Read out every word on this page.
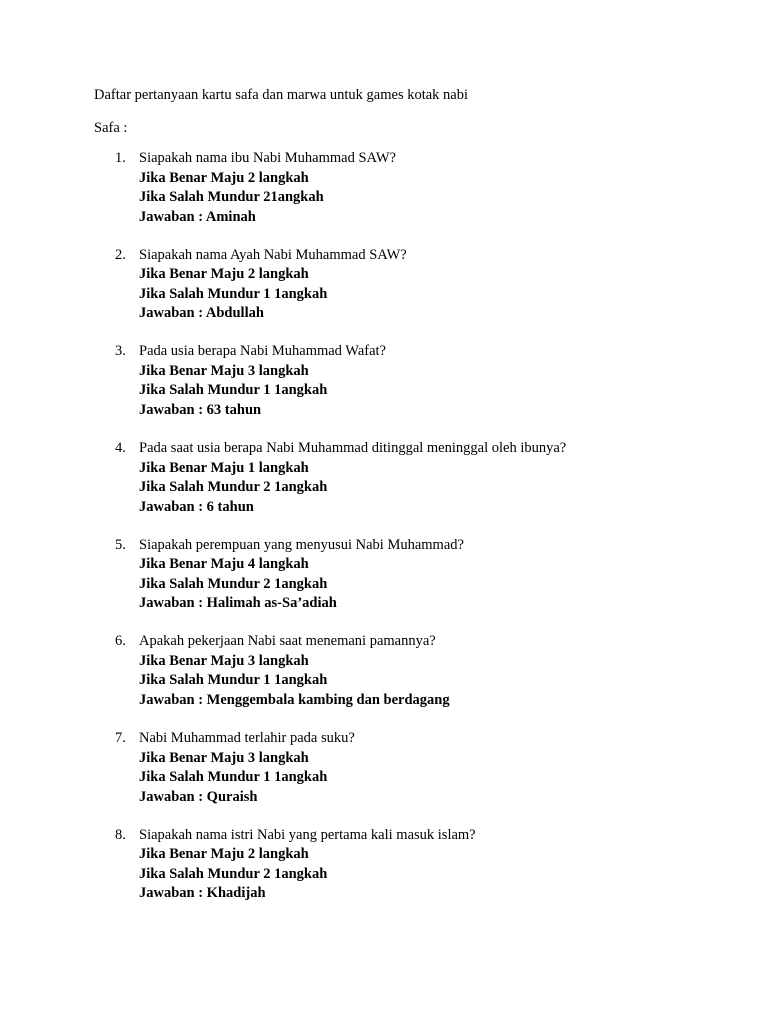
Daftar pertanyaan kartu safa dan marwa untuk games kotak nabi
Safa :
1. Siapakah nama ibu Nabi Muhammad SAW?
Jika Benar Maju 2 langkah
Jika Salah Mundur 21angkah
Jawaban : Aminah
2. Siapakah nama Ayah Nabi Muhammad SAW?
Jika Benar Maju 2 langkah
Jika Salah Mundur 1 1angkah
Jawaban : Abdullah
3. Pada usia berapa Nabi Muhammad Wafat?
Jika Benar Maju 3 langkah
Jika Salah Mundur 1 1angkah
Jawaban : 63 tahun
4. Pada saat usia berapa Nabi Muhammad ditinggal meninggal oleh ibunya?
Jika Benar Maju 1 langkah
Jika Salah Mundur 2 1angkah
Jawaban : 6 tahun
5. Siapakah perempuan yang menyusui Nabi Muhammad?
Jika Benar Maju 4 langkah
Jika Salah Mundur 2 1angkah
Jawaban : Halimah as-Sa’adiah
6. Apakah pekerjaan Nabi saat menemani pamannya?
Jika Benar Maju 3 langkah
Jika Salah Mundur 1 1angkah
Jawaban : Menggembala kambing dan berdagang
7. Nabi Muhammad terlahir pada suku?
Jika Benar Maju 3 langkah
Jika Salah Mundur 1 1angkah
Jawaban : Quraish
8. Siapakah nama istri Nabi yang pertama kali masuk islam?
Jika Benar Maju 2 langkah
Jika Salah Mundur 2 1angkah
Jawaban : Khadijah
